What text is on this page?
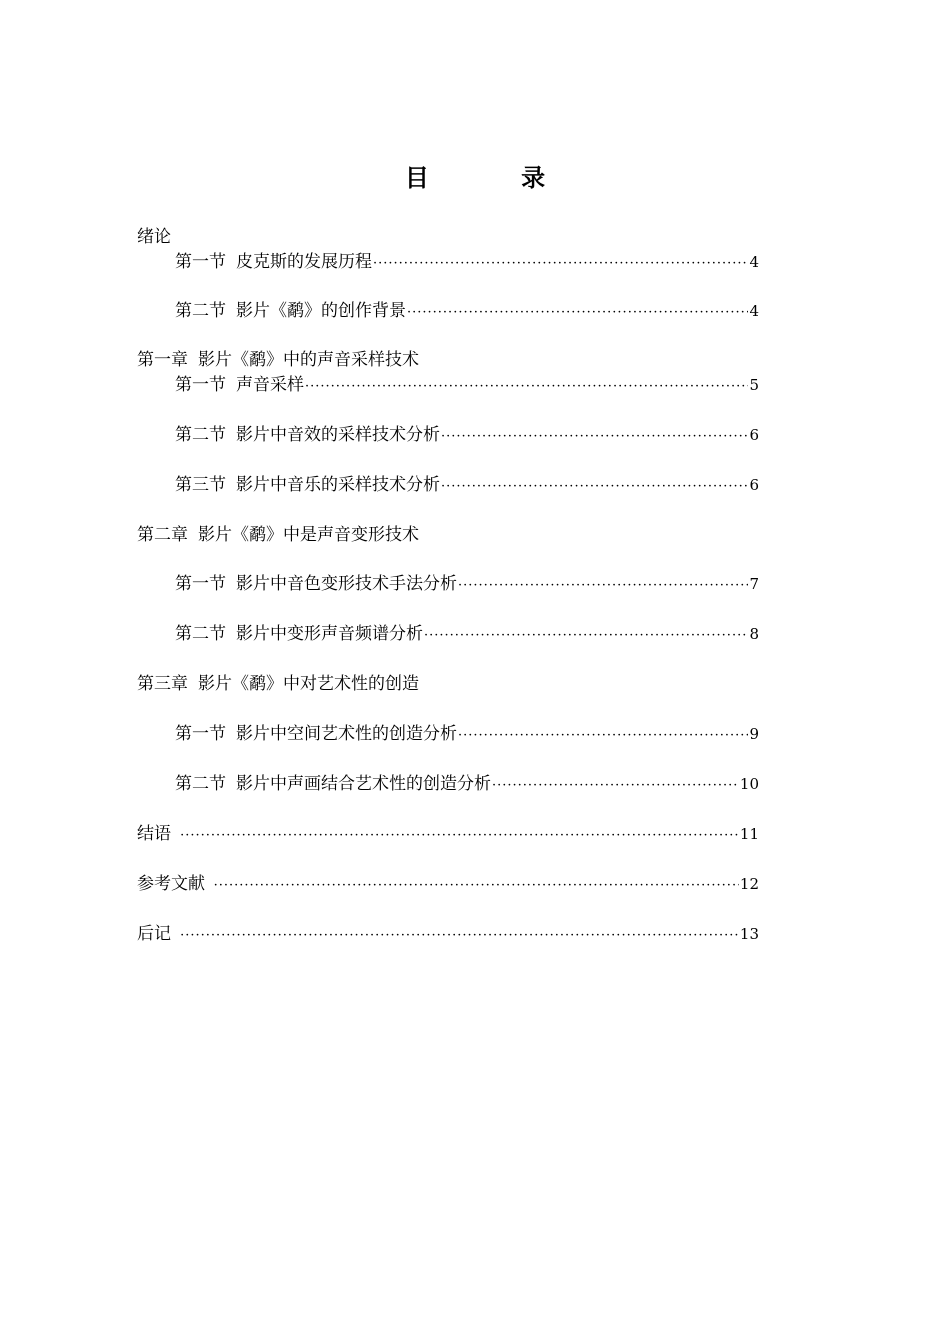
目 录
绪论
第一节 皮克斯的发展历程 ·····	4
第二节 影片《鹬》的创作背景 ·····	4
第一章 影片《鹬》中的声音采样技术
第一节 声音采样 ·····	5
第二节 影片中音效的采样技术分析 ·····	6
第三节 影片中音乐的采样技术分析 ·····	6
第二章 影片《鹬》中是声音变形技术
第一节 影片中音色变形技术手法分析 ·····	7
第二节 影片中变形声音频谱分析 ·····	8
第三章 影片《鹬》中对艺术性的创造
第一节 影片中空间艺术性的创造分析 ·····	9
第二节 影片中声画结合艺术性的创造分析 ·····	10
结语 ·····	11
参考文献 ·····	12
后记 ·····	13
